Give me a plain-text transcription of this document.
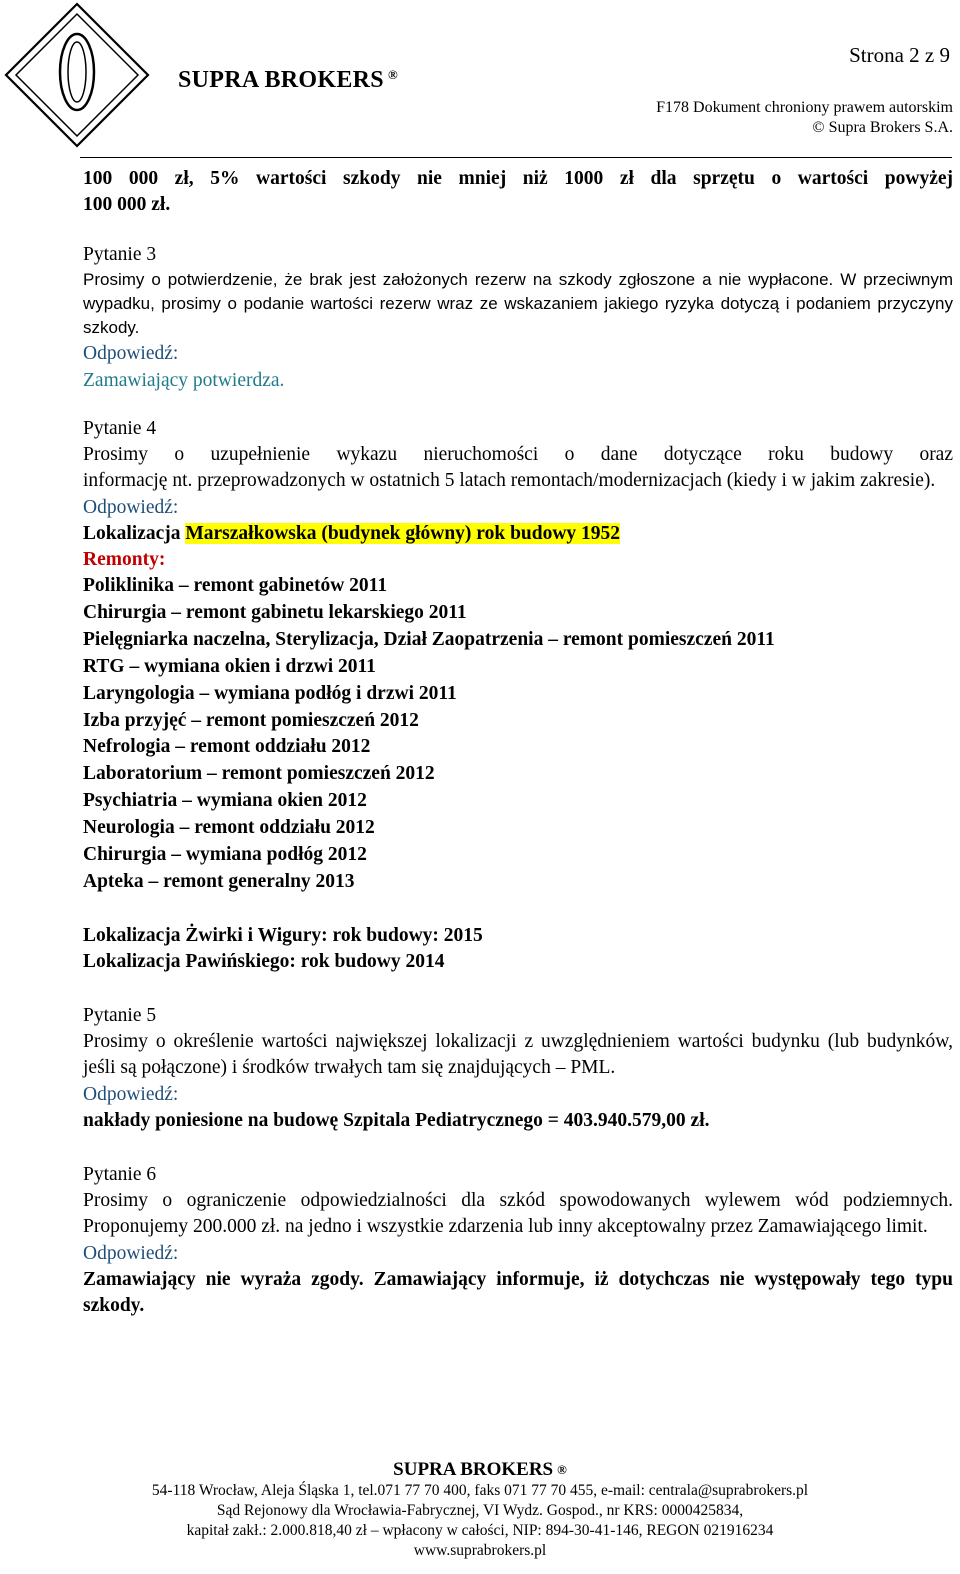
SUPRA BROKERS ®
Strona 2 z 9
F178 Dokument chroniony prawem autorskim
© Supra Brokers S.A.
100 000 zł, 5% wartości szkody nie mniej niż 1000 zł dla sprzętu o wartości powyżej
100 000 zł.
Pytanie 3
Prosimy o potwierdzenie, że brak jest założonych rezerw na szkody zgłoszone a nie wypłacone. W przeciwnym wypadku, prosimy o podanie wartości rezerw wraz ze wskazaniem jakiego ryzyka dotyczą i podaniem przyczyny szkody.
Odpowiedź:
Zamawiający potwierdza.
Pytanie 4
Prosimy o uzupełnienie wykazu nieruchomości o dane dotyczące roku budowy oraz
informację nt. przeprowadzonych w ostatnich 5 latach remontach/modernizacjach (kiedy i w jakim zakresie).
Odpowiedź:
Lokalizacja Marszałkowska (budynek główny) rok budowy 1952
Remonty:
Poliklinika – remont gabinetów 2011
Chirurgia – remont gabinetu lekarskiego 2011
Pielęgniarka naczelna, Sterylizacja, Dział Zaopatrzenia – remont pomieszczeń 2011
RTG – wymiana okien i drzwi 2011
Laryngologia – wymiana podłóg i drzwi 2011
Izba przyjęć – remont pomieszczeń 2012
Nefrologia – remont oddziału 2012
Laboratorium – remont pomieszczeń 2012
Psychiatria – wymiana okien 2012
Neurologia – remont oddziału 2012
Chirurgia – wymiana podłóg 2012
Apteka – remont generalny 2013
Lokalizacja Żwirki i Wigury: rok budowy: 2015
Lokalizacja Pawińskiego: rok budowy 2014
Pytanie 5
Prosimy o określenie wartości największej lokalizacji z uwzględnieniem wartości budynku (lub budynków, jeśli są połączone) i środków trwałych tam się znajdujących – PML.
Odpowiedź:
nakłady poniesione na budowę Szpitala Pediatrycznego = 403.940.579,00 zł.
Pytanie 6
Prosimy o ograniczenie odpowiedzialności dla szkód spowodowanych wylewem wód podziemnych. Proponujemy 200.000 zł. na jedno i wszystkie zdarzenia lub inny akceptowalny przez Zamawiającego limit.
Odpowiedź:
Zamawiający nie wyraża zgody. Zamawiający informuje, iż dotychczas nie występowały tego typu szkody.
SUPRA BROKERS ®
54-118 Wrocław, Aleja Śląska 1, tel.071 77 70 400, faks 071 77 70 455, e-mail: centrala@suprabrokers.pl
Sąd Rejonowy dla Wrocławia-Fabrycznej, VI Wydz. Gospod., nr KRS: 0000425834,
kapitał zakł.: 2.000.818,40 zł – wpłacony w całości, NIP: 894-30-41-146, REGON 021916234
www.suprabrokers.pl
